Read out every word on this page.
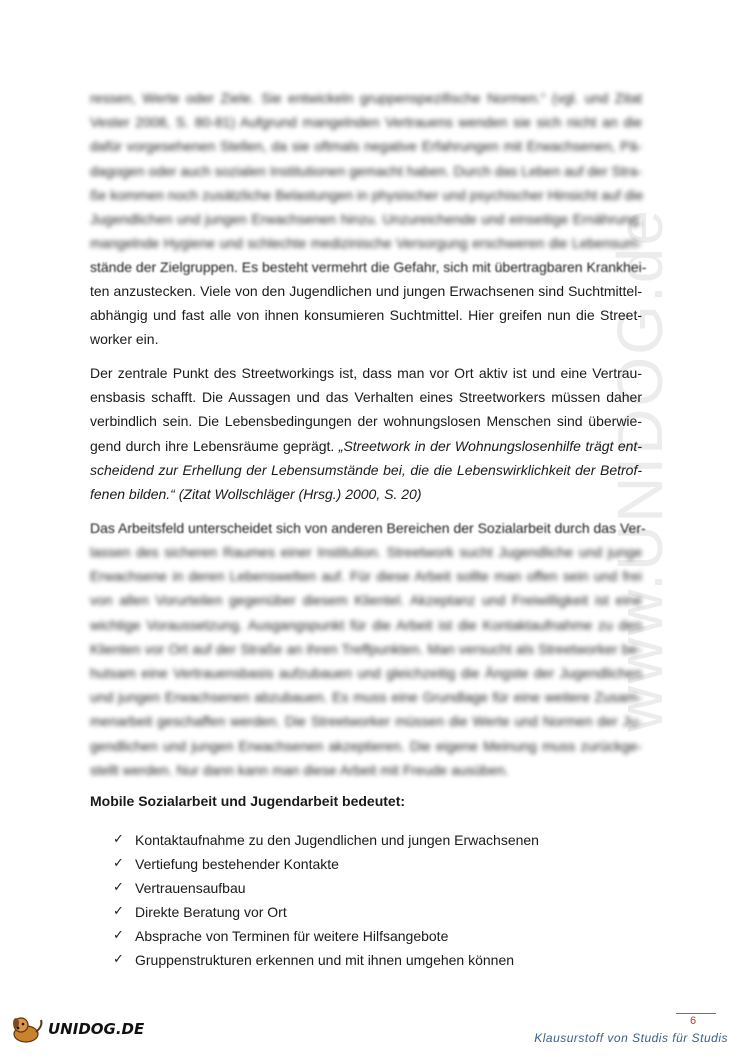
www.UNIDOG.de
ressen, Werte oder Ziele. Sie entwickeln gruppenspezifische Normen.“ (vgl. und Zitat
Vester 2008, S. 80-81) Aufgrund mangelnden Vertrauens wenden sie sich nicht an die
dafür vorgesehenen Stellen, da sie oftmals negative Erfahrungen mit Erwachsenen, Pä-
dagogen oder auch sozialen Institutionen gemacht haben. Durch das Leben auf der Stra-
ße kommen noch zusätzliche Belastungen in physischer und psychischer Hinsicht auf die
Jugendlichen und jungen Erwachsenen hinzu. Unzureichende und einseitige Ernährung,
mangelnde Hygiene und schlechte medizinische Versorgung erschweren die Lebensum-
stände der Zielgruppen. Es besteht vermehrt die Gefahr, sich mit übertragbaren Krankhei-
ten anzustecken. Viele von den Jugendlichen und jungen Erwachsenen sind Suchtmittel-
abhängig und fast alle von ihnen konsumieren Suchtmittel. Hier greifen nun die Street-
worker ein.
Der zentrale Punkt des Streetworkings ist, dass man vor Ort aktiv ist und eine Vertrau-
ensbasis schafft. Die Aussagen und das Verhalten eines Streetworkers müssen daher
verbindlich sein. Die Lebensbedingungen der wohnungslosen Menschen sind überwie-
gend durch ihre Lebensräume geprägt. „Streetwork in der Wohnungslosenhilfe trägt ent-
scheidend zur Erhellung der Lebensumstände bei, die die Lebenswirklichkeit der Betrof-
fenen bilden.“ (Zitat Wollschläger (Hrsg.) 2000, S. 20)
Das Arbeitsfeld unterscheidet sich von anderen Bereichen der Sozialarbeit durch das Ver-
lassen des sicheren Raumes einer Institution. Streetwork sucht Jugendliche und junge
Erwachsene in deren Lebenswelten auf. Für diese Arbeit sollte man offen sein und frei
von allen Vorurteilen gegenüber diesem Klientel. Akzeptanz und Freiwilligkeit ist eine
wichtige Voraussetzung. Ausgangspunkt für die Arbeit ist die Kontaktaufnahme zu den
Klienten vor Ort auf der Straße an ihren Treffpunkten. Man versucht als Streetworker be-
hutsam eine Vertrauensbasis aufzubauen und gleichzeitig die Ängste der Jugendlichen
und jungen Erwachsenen abzubauen. Es muss eine Grundlage für eine weitere Zusam-
menarbeit geschaffen werden. Die Streetworker müssen die Werte und Normen der Ju-
gendlichen und jungen Erwachsenen akzeptieren. Die eigene Meinung muss zurückge-
stellt werden. Nur dann kann man diese Arbeit mit Freude ausüben.

Mobile Sozialarbeit und Jugendarbeit bedeutet:

✓ Kontaktaufnahme zu den Jugendlichen und jungen Erwachsenen
✓ Vertiefung bestehender Kontakte
✓ Vertrauensaufbau
✓ Direkte Beratung vor Ort
✓ Absprache von Terminen für weitere Hilfsangebote
✓ Gruppenstrukturen erkennen und mit ihnen umgehen können
UNIDOG.DE	6
Klausurstoff von Studis für Studis
